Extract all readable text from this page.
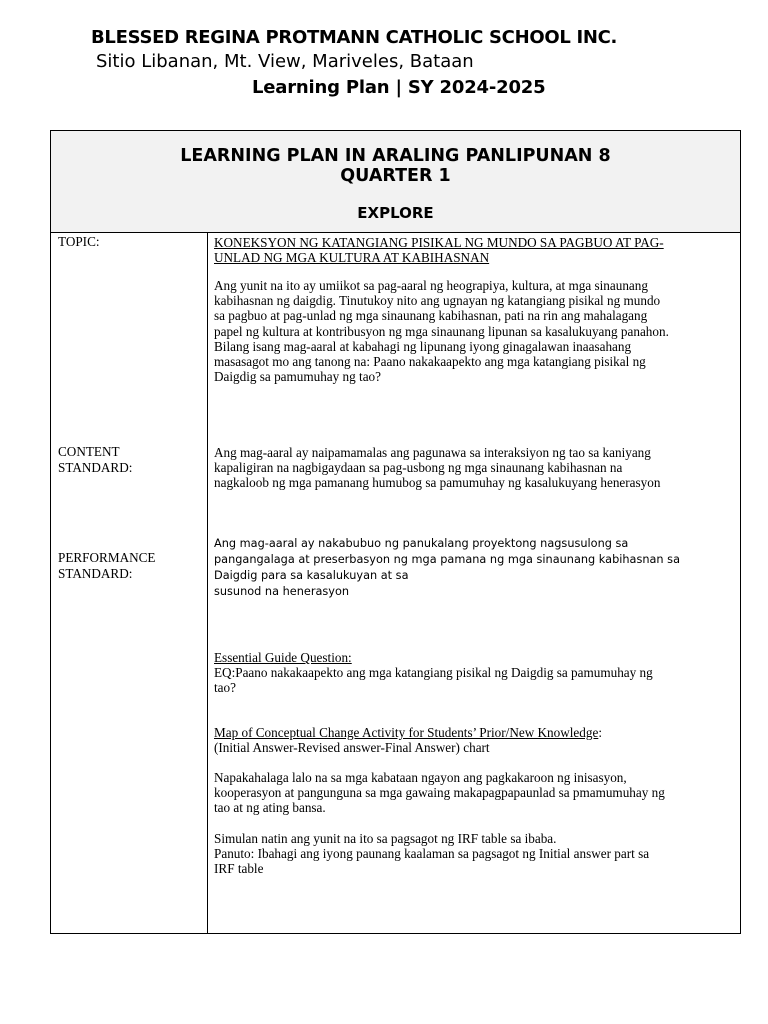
BLESSED REGINA PROTMANN CATHOLIC SCHOOL INC.
Sitio Libanan, Mt. View, Mariveles, Bataan
Learning Plan | SY 2024-2025
LEARNING PLAN IN ARALING PANLIPUNAN 8
QUARTER 1
EXPLORE
TOPIC:

CONTENT

STANDARD:

PERFORMANCE

STANDARD:

KONEKSYON NG KATANGIANG PISIKAL NG MUNDO SA PAGBUO AT PAG-

UNLAD NG MGA KULTURA AT KABIHASNAN

Ang yunit na ito ay umiikot sa pag-aaral ng heograpiya, kultura, at mga sinaunang

kabihasnan ng daigdig. Tinutukoy nito ang ugnayan ng katangiang pisikal ng mundo

sa pagbuo at pag-unlad ng mga sinaunang kabihasnan, pati na rin ang mahalagang

papel ng kultura at kontribusyon ng mga sinaunang lipunan sa kasalukuyang panahon.

Bilang isang mag-aaral at kabahagi ng lipunang iyong ginagalawan inaasahang

masasagot mo ang tanong na: Paano nakakaapekto ang mga katangiang pisikal ng

Daigdig sa pamumuhay ng tao?

Ang mag-aaral ay naipamamalas ang pagunawa sa interaksiyon ng tao sa kaniyang

kapaligiran na nagbigaydaan sa pag-usbong ng mga sinaunang kabihasnan na

nagkaloob ng mga pamanang humubog sa pamumuhay ng kasalukuyang henerasyon

Ang mag-aaral ay nakabubuo ng panukalang proyektong nagsusulong sa

pangangalaga at preserbasyon ng mga pamana ng mga sinaunang kabihasnan sa

Daigdig para sa kasalukuyan at sa

susunod na henerasyon

Essential Guide Question:

EQ:Paano nakakaapekto ang mga katangiang pisikal ng Daigdig sa pamumuhay ng

tao?

Map of Conceptual Change Activity for Students’ Prior/New Knowledge:

(Initial Answer-Revised answer-Final Answer) chart

Napakahalaga lalo na sa mga kabataan ngayon ang pagkakaroon ng inisasyon,

kooperasyon at pangunguna sa mga gawaing makapagpapaunlad sa pmamumuhay ng

tao at ng ating bansa.

Simulan natin ang yunit na ito sa pagsagot ng IRF table sa ibaba.

Panuto: Ibahagi ang iyong paunang kaalaman sa pagsagot ng Initial answer part sa

IRF table
